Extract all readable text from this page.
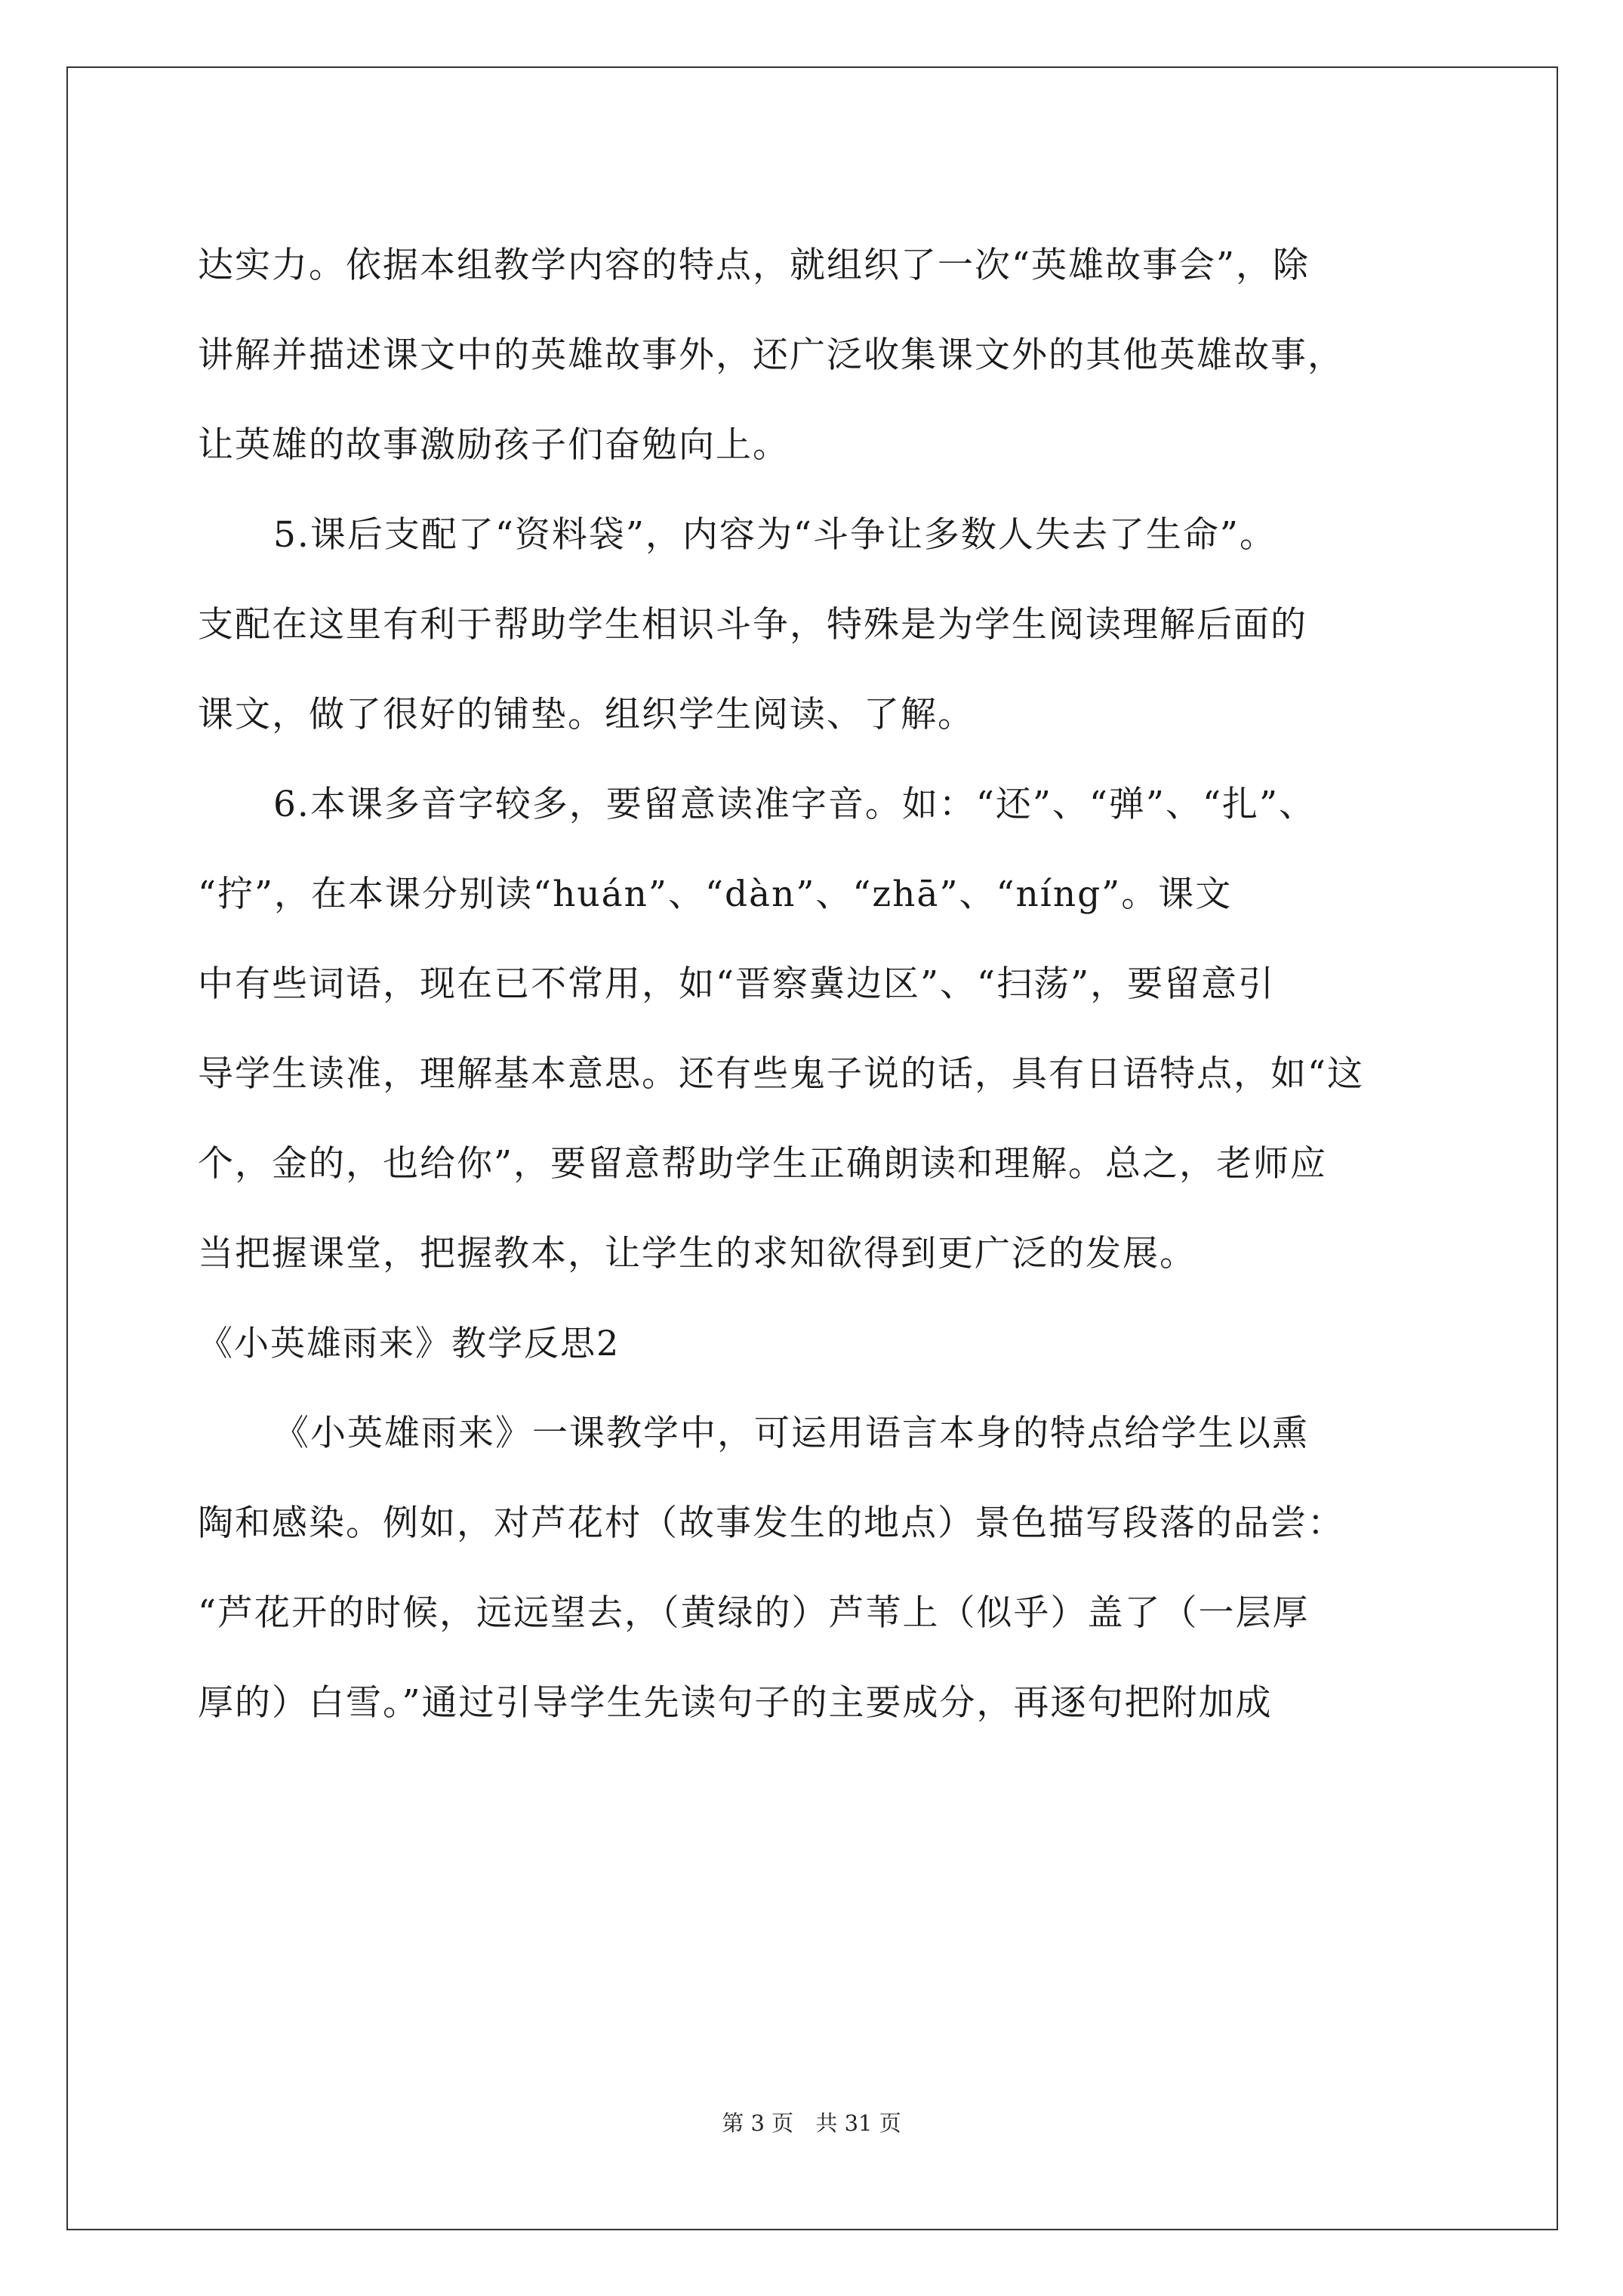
达实力。依据本组教学内容的特点，就组织了一次“英雄故事会”，除
讲解并描述课文中的英雄故事外，还广泛收集课文外的其他英雄故事，
让英雄的故事激励孩子们奋勉向上。
5.课后支配了“资料袋”，内容为“斗争让多数人失去了生命”。
支配在这里有利于帮助学生相识斗争，特殊是为学生阅读理解后面的
课文，做了很好的铺垫。组织学生阅读、了解。
6.本课多音字较多，要留意读准字音。如：“还”、“弹”、“扎”、
“拧”，在本课分别读“huán”、“dàn”、“zhā”、“níng”。课文
中有些词语，现在已不常用，如“晋察冀边区”、“扫荡”，要留意引
导学生读准，理解基本意思。还有些鬼子说的话，具有日语特点，如“这
个，金的，也给你”，要留意帮助学生正确朗读和理解。总之，老师应
当把握课堂，把握教本，让学生的求知欲得到更广泛的发展。
《小英雄雨来》教学反思2
《小英雄雨来》一课教学中，可运用语言本身的特点给学生以熏
陶和感染。例如，对芦花村（故事发生的地点）景色描写段落的品尝：
“芦花开的时候，远远望去，（黄绿的）芦苇上（似乎）盖了（一层厚
厚的）白雪。”通过引导学生先读句子的主要成分，再逐句把附加成
第 3 页 共 31 页
